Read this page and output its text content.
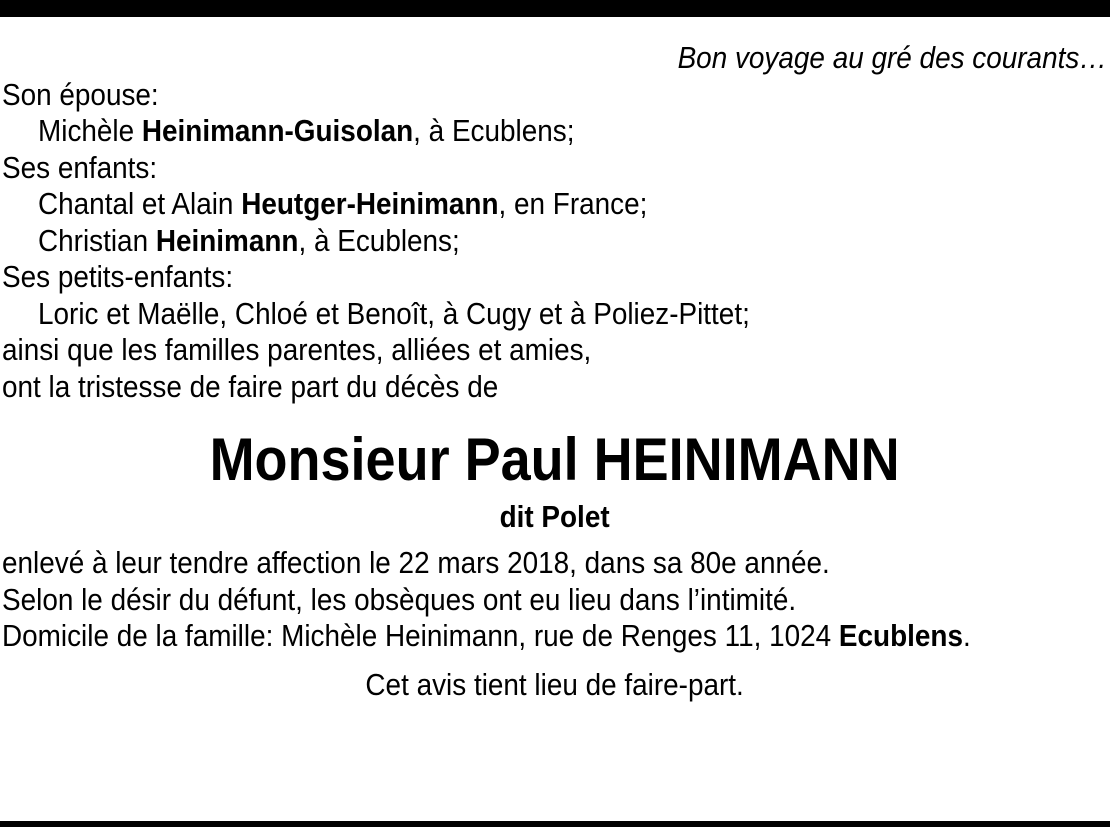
Bon voyage au gré des courants…
Son épouse:
Michèle Heinimann-Guisolan, à Ecublens;
Ses enfants:
Chantal et Alain Heutger-Heinimann, en France;
Christian Heinimann, à Ecublens;
Ses petits-enfants:
Loric et Maëlle, Chloé et Benoît, à Cugy et à Poliez-Pittet;
ainsi que les familles parentes, alliées et amies,
ont la tristesse de faire part du décès de
Monsieur Paul HEINIMANN
dit Polet
enlevé à leur tendre affection le 22 mars 2018, dans sa 80e année.
Selon le désir du défunt, les obsèques ont eu lieu dans l’intimité.
Domicile de la famille: Michèle Heinimann, rue de Renges 11, 1024 Ecublens.
Cet avis tient lieu de faire-part.
